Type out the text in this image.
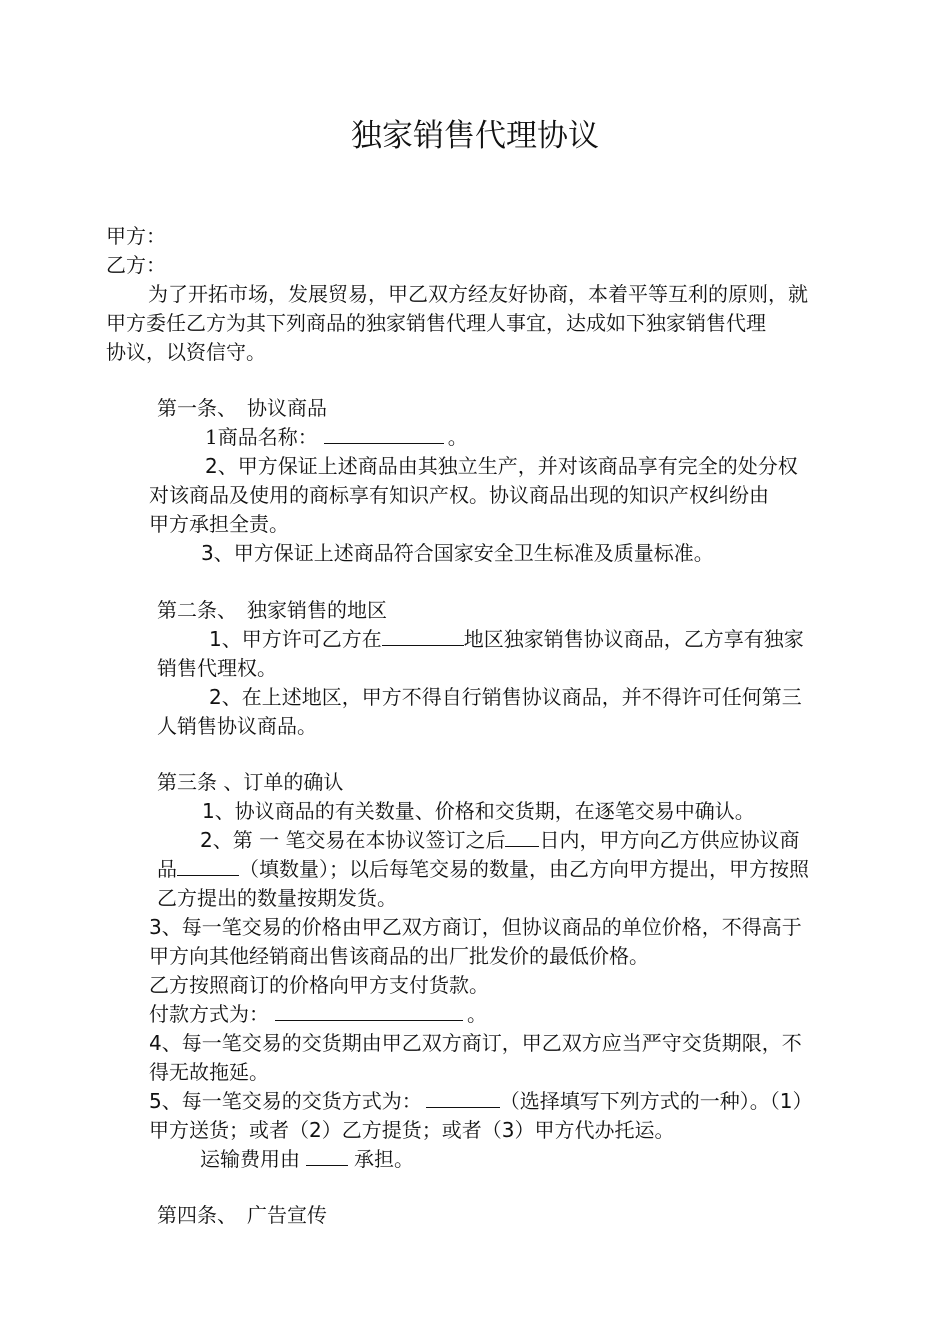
独家销售代理协议

甲方：

乙方：

为了开拓市场，发展贸易，甲乙双方经友好协商，本着平等互利的原则，就

甲方委任乙方为其下列商品的独家销售代理人事宜，达成如下独家销售代理

协议，以资信守。

第一条、　协议商品

1商品名称：	。

2、甲方保证上述商品由其独立生产，并对该商品享有完全的处分权

对该商品及使用的商标享有知识产权。协议商品出现的知识产权纠纷由

甲方承担全责。

3、甲方保证上述商品符合国家安全卫生标准及质量标准。

第二条、　独家销售的地区

1、甲方许可乙方在	地区独家销售协议商品，乙方享有独家

销售代理权。

2、在上述地区，甲方不得自行销售协议商品，并不得许可任何第三

人销售协议商品。

第三条 、订单的确认

1、协议商品的有关数量、价格和交货期，在逐笔交易中确认。

2、第 一 笔交易在本协议签订之后 日内，甲方向乙方供应协议商

品	（填数量）；以后每笔交易的数量，由乙方向甲方提出，甲方按照

乙方提出的数量按期发货。

3、每一笔交易的价格由甲乙双方商订，但协议商品的单位价格，不得高于

甲方向其他经销商出售该商品的出厂批发价的最低价格。

乙方按照商订的价格向甲方支付货款。

付款方式为：	。

4、每一笔交易的交货期由甲乙双方商订，甲乙双方应当严守交货期限，不

得无故拖延。

5、每一笔交易的交货方式为：	（选择填写下列方式的一种）。（1）

甲方送货；或者（2）乙方提货；或者（3）甲方代办托运。

运输费用由	承担。

第四条、　广告宣传
